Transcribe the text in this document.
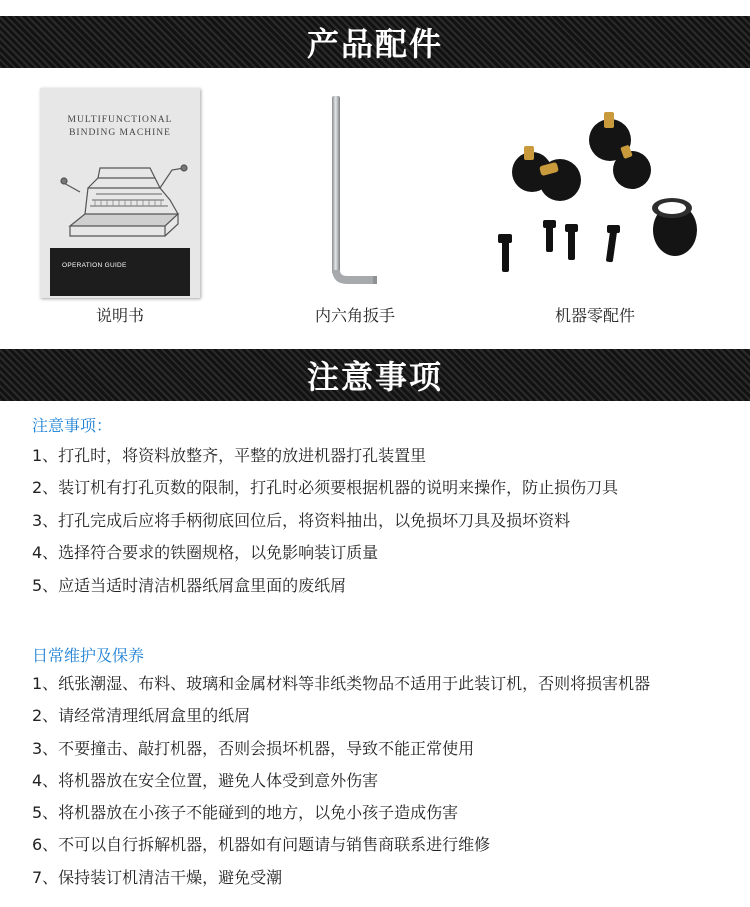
产品配件
MULTIFUNCTIONAL
BINDING MACHINE
OPERATION GUIDE
说明书	内六角扳手	机器零配件
注意事项
注意事项：
1、打孔时，将资料放整齐，平整的放进机器打孔装置里
2、装订机有打孔页数的限制，打孔时必须要根据机器的说明来操作，防止损伤刀具
3、打孔完成后应将手柄彻底回位后，将资料抽出，以免损坏刀具及损坏资料
4、选择符合要求的铁圈规格，以免影响装订质量
5、应适当适时清洁机器纸屑盒里面的废纸屑
日常维护及保养
1、纸张潮湿、布料、玻璃和金属材料等非纸类物品不适用于此装订机，否则将损害机器
2、请经常清理纸屑盒里的纸屑
3、不要撞击、敲打机器，否则会损坏机器，导致不能正常使用
4、将机器放在安全位置，避免人体受到意外伤害
5、将机器放在小孩子不能碰到的地方，以免小孩子造成伤害
6、不可以自行拆解机器，机器如有问题请与销售商联系进行维修
7、保持装订机清洁干燥，避免受潮
